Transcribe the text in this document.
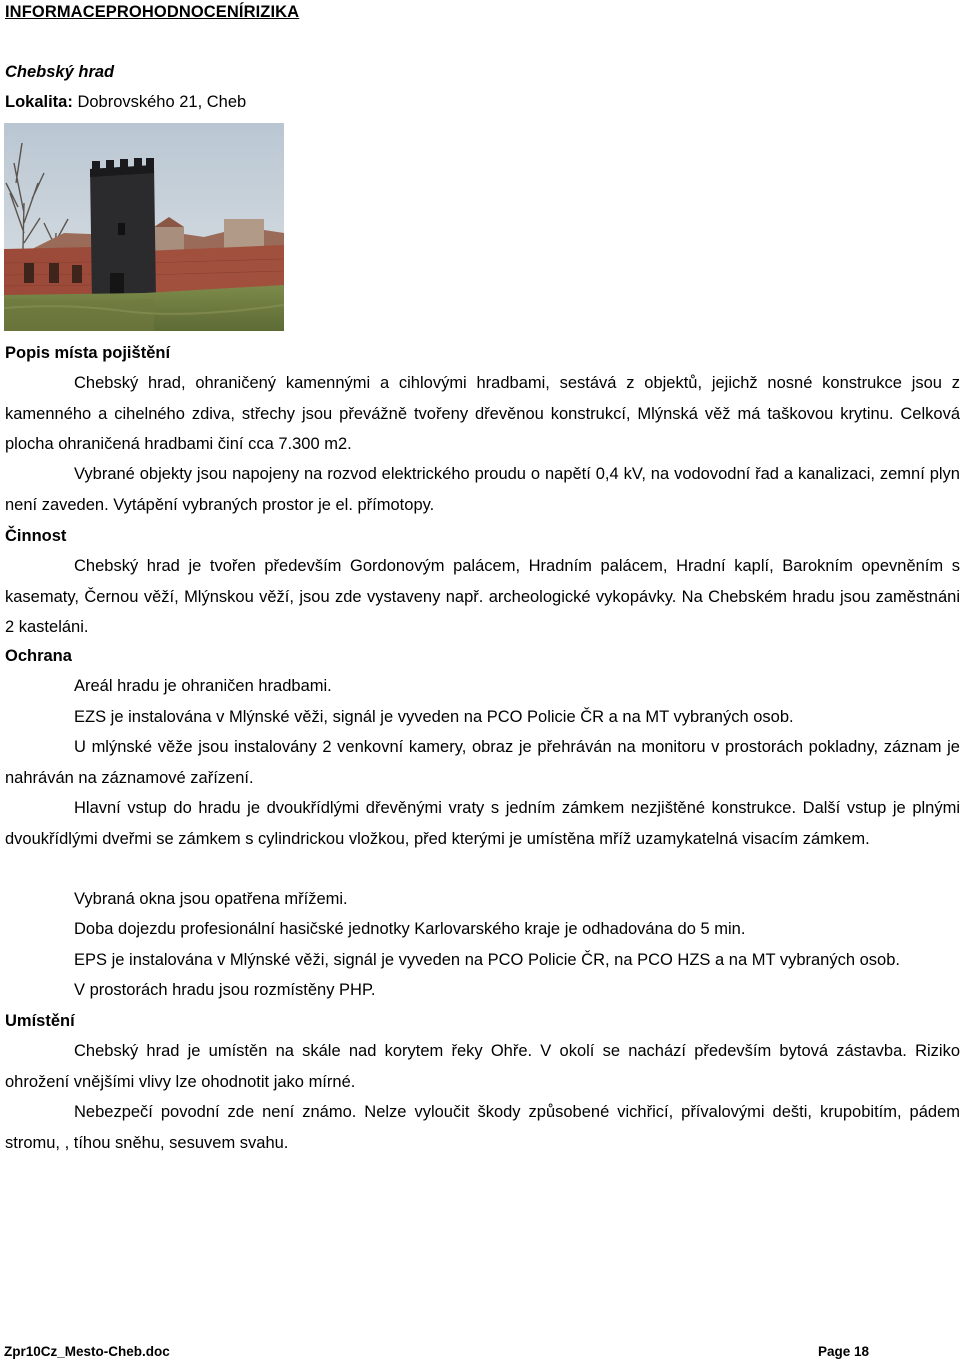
INFORMACEPROHODNOCENÍRIZIKA
Chebský hrad
Lokalita: Dobrovského 21, Cheb
Popis místa pojištění

Chebský hrad, ohraničený kamennými a cihlovými hradbami, sestává z objektů, jejichž nosné konstrukce jsou z kamenného a cihelného zdiva, střechy jsou převážně tvořeny dřevěnou konstrukcí, Mlýnská věž má taškovou krytinu. Celková plocha ohraničená hradbami činí cca 7.300 m2.

Vybrané objekty jsou napojeny na rozvod elektrického proudu o napětí 0,4 kV, na vodovodní řad a kanalizaci, zemní plyn není zaveden. Vytápění vybraných prostor je el. přímotopy.

Činnost

Chebský hrad je tvořen především Gordonovým palácem, Hradním palácem, Hradní kaplí, Barokním opevněním s kasematy, Černou věží, Mlýnskou věží, jsou zde vystaveny např. archeologické vykopávky. Na Chebském hradu jsou zaměstnáni 2 kasteláni.

Ochrana

Areál hradu je ohraničen hradbami.

EZS je instalována v Mlýnské věži, signál je vyveden na PCO Policie ČR a na MT vybraných osob.

U mlýnské věže jsou instalovány 2 venkovní kamery, obraz je přehráván na monitoru v prostorách pokladny, záznam je nahráván na záznamové zařízení.

Hlavní vstup do hradu je dvoukřídlými dřevěnými vraty s jedním zámkem nezjištěné konstrukce. Další vstup je plnými dvoukřídlými dveřmi se zámkem s cylindrickou vložkou, před kterými je umístěna mříž uzamykatelná visacím zámkem.

Vybraná okna jsou opatřena mřížemi.

Doba dojezdu profesionální hasičské jednotky Karlovarského kraje je odhadována do 5 min.

EPS je instalována v Mlýnské věži, signál je vyveden na PCO Policie ČR, na PCO HZS a na MT vybraných osob.

V prostorách hradu jsou rozmístěny PHP.

Umístění

Chebský hrad je umístěn na skále nad korytem řeky Ohře. V okolí se nachází především bytová zástavba. Riziko ohrožení vnějšími vlivy lze ohodnotit jako mírné.

Nebezpečí povodní zde není známo. Nelze vyloučit škody způsobené vichřicí, přívalovými dešti, krupobitím, pádem stromu, , tíhou sněhu, sesuvem svahu.

Zpr10Cz_Mesto-Cheb.doc	Page 18
